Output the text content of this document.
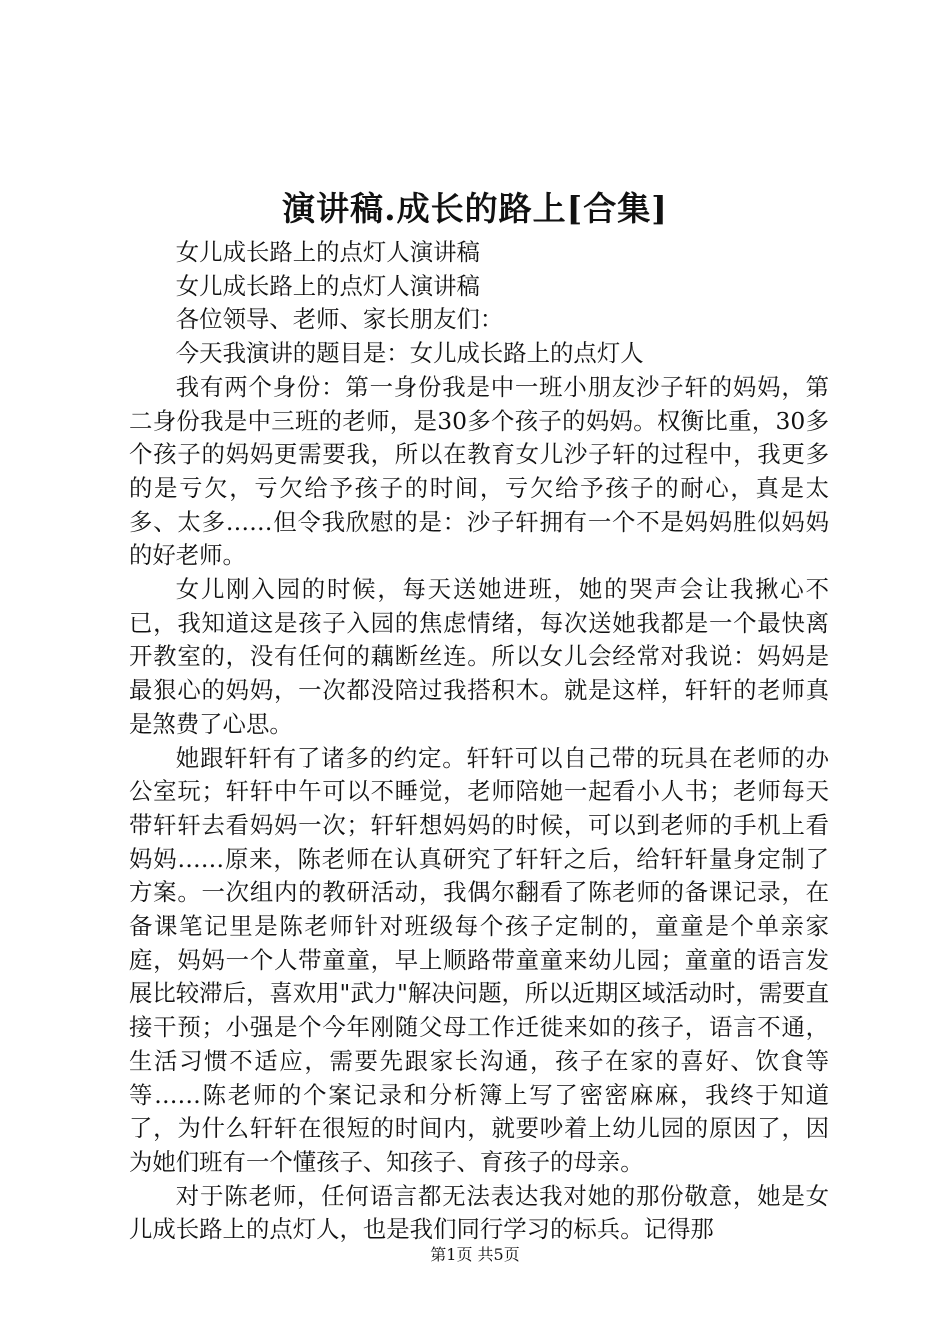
演讲稿.成长的路上[合集]

女儿成长路上的点灯人演讲稿

女儿成长路上的点灯人演讲稿

各位领导、老师、家长朋友们：

今天我演讲的题目是：女儿成长路上的点灯人

我有两个身份：第一身份我是中一班小朋友沙子轩的妈妈，第二身份我是中三班的老师，是30多个孩子的妈妈。权衡比重，30多个孩子的妈妈更需要我，所以在教育女儿沙子轩的过程中，我更多的是亏欠，亏欠给予孩子的时间，亏欠给予孩子的耐心，真是太多、太多……但令我欣慰的是：沙子轩拥有一个不是妈妈胜似妈妈的好老师。

女儿刚入园的时候，每天送她进班，她的哭声会让我揪心不已，我知道这是孩子入园的焦虑情绪，每次送她我都是一个最快离开教室的，没有任何的藕断丝连。所以女儿会经常对我说：妈妈是最狠心的妈妈，一次都没陪过我搭积木。就是这样，轩轩的老师真是煞费了心思。

她跟轩轩有了诸多的约定。轩轩可以自己带的玩具在老师的办公室玩；轩轩中午可以不睡觉，老师陪她一起看小人书；老师每天带轩轩去看妈妈一次；轩轩想妈妈的时候，可以到老师的手机上看妈妈……原来，陈老师在认真研究了轩轩之后，给轩轩量身定制了方案。一次组内的教研活动，我偶尔翻看了陈老师的备课记录，在备课笔记里是陈老师针对班级每个孩子定制的，童童是个单亲家庭，妈妈一个人带童童，早上顺路带童童来幼儿园；童童的语言发展比较滞后，喜欢用"武力"解决问题，所以近期区域活动时，需要直接干预；小强是个今年刚随父母工作迁徙来如的孩子，语言不通，生活习惯不适应，需要先跟家长沟通，孩子在家的喜好、饮食等等……陈老师的个案记录和分析簿上写了密密麻麻，我终于知道了，为什么轩轩在很短的时间内，就要吵着上幼儿园的原因了，因为她们班有一个懂孩子、知孩子、育孩子的母亲。

对于陈老师，任何语言都无法表达我对她的那份敬意，她是女儿成长路上的点灯人，也是我们同行学习的标兵。记得那

第1页 共5页
